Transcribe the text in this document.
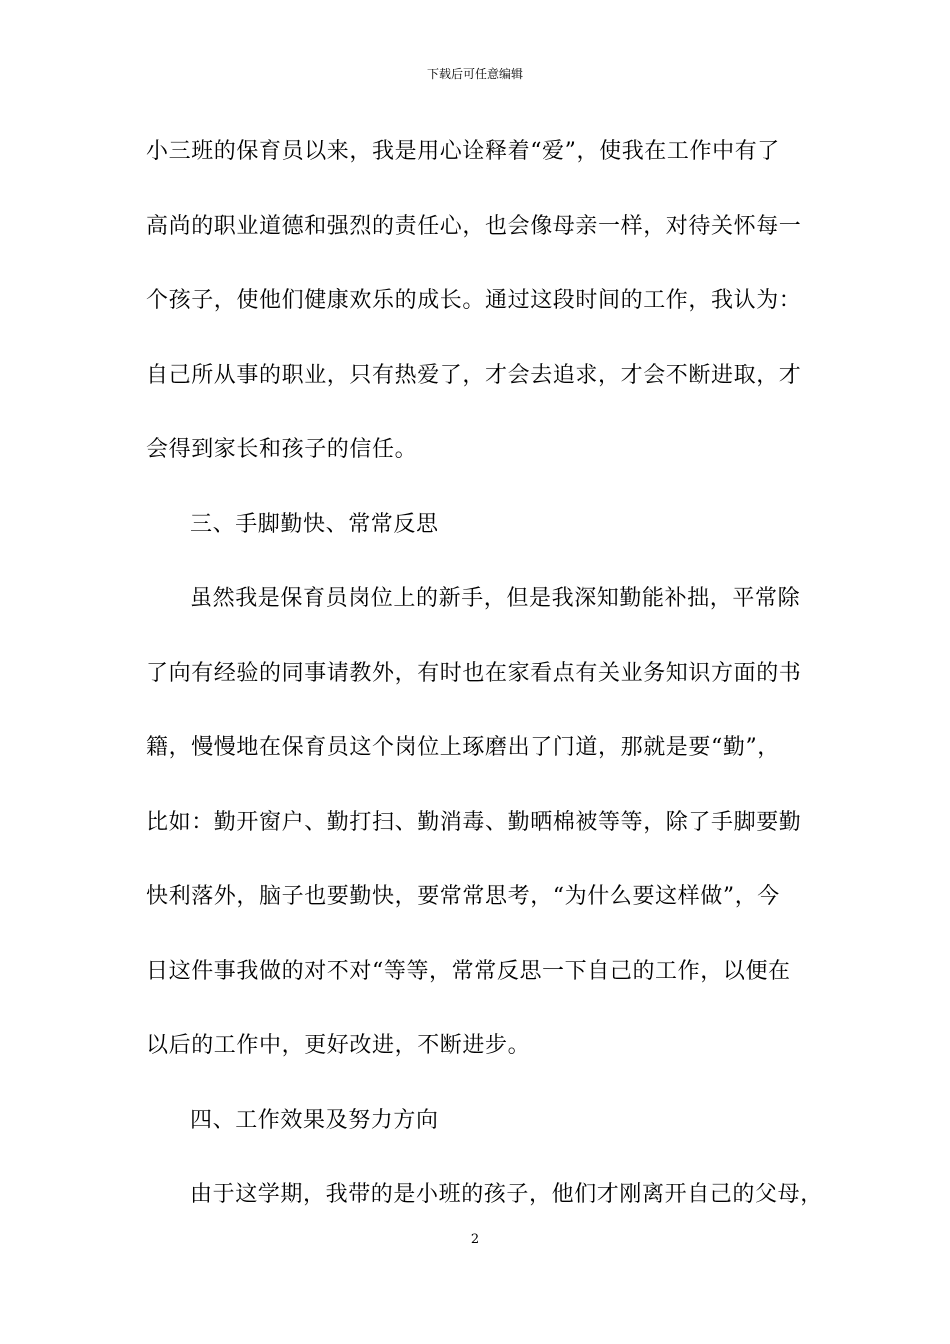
下载后可任意编辑
小三班的保育员以来，我是用心诠释着“爱”，使我在工作中有了
高尚的职业道德和强烈的责任心，也会像母亲一样，对待关怀每一
个孩子，使他们健康欢乐的成长。通过这段时间的工作，我认为：
自己所从事的职业，只有热爱了，才会去追求，才会不断进取，才
会得到家长和孩子的信任。
三、手脚勤快、常常反思
虽然我是保育员岗位上的新手，但是我深知勤能补拙，平常除
了向有经验的同事请教外，有时也在家看点有关业务知识方面的书
籍，慢慢地在保育员这个岗位上琢磨出了门道，那就是要“勤”，
比如：勤开窗户、勤打扫、勤消毒、勤晒棉被等等，除了手脚要勤
快利落外，脑子也要勤快，要常常思考，“为什么要这样做”，今
日这件事我做的对不对“等等，常常反思一下自己的工作，以便在
以后的工作中，更好改进，不断进步。
四、工作效果及努力方向
由于这学期，我带的是小班的孩子，他们才刚离开自己的父母，
2
